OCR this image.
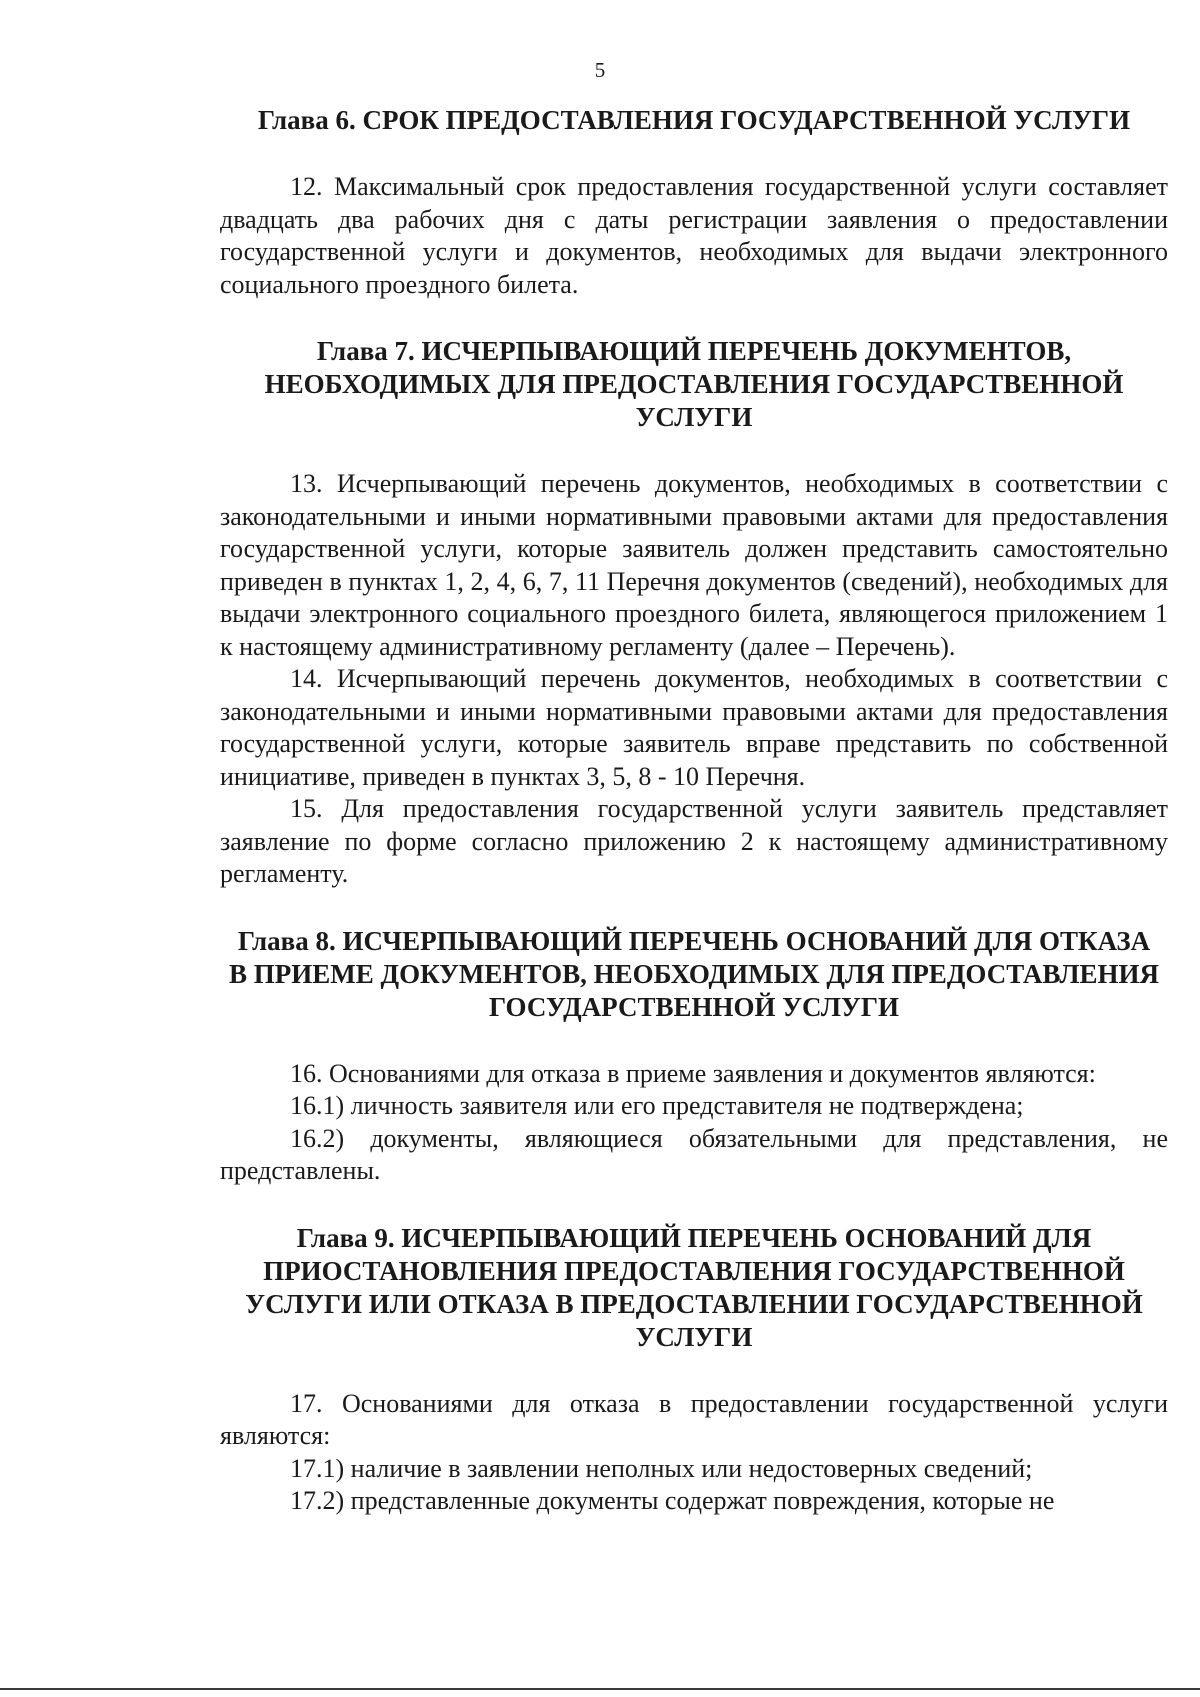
5
Глава 6. СРОК ПРЕДОСТАВЛЕНИЯ ГОСУДАРСТВЕННОЙ УСЛУГИ

12. Максимальный срок предоставления государственной услуги составляет двадцать два рабочих дня с даты регистрации заявления о предоставлении государственной услуги и документов, необходимых для выдачи электронного социального проездного билета.

Глава 7. ИСЧЕРПЫВАЮЩИЙ ПЕРЕЧЕНЬ ДОКУМЕНТОВ,
НЕОБХОДИМЫХ ДЛЯ ПРЕДОСТАВЛЕНИЯ ГОСУДАРСТВЕННОЙ
УСЛУГИ

13. Исчерпывающий перечень документов, необходимых в соответствии с законодательными и иными нормативными правовыми актами для предоставления государственной услуги, которые заявитель должен представить самостоятельно приведен в пунктах 1, 2, 4, 6, 7, 11 Перечня документов (сведений), необходимых для выдачи электронного социального проездного билета, являющегося приложением 1 к настоящему административному регламенту (далее – Перечень).

14. Исчерпывающий перечень документов, необходимых в соответствии с законодательными и иными нормативными правовыми актами для предоставления государственной услуги, которые заявитель вправе представить по собственной инициативе, приведен в пунктах 3, 5, 8 - 10 Перечня.

15. Для предоставления государственной услуги заявитель представляет заявление по форме согласно приложению 2 к настоящему административному регламенту.

Глава 8. ИСЧЕРПЫВАЮЩИЙ ПЕРЕЧЕНЬ ОСНОВАНИЙ ДЛЯ ОТКАЗА
В ПРИЕМЕ ДОКУМЕНТОВ, НЕОБХОДИМЫХ ДЛЯ ПРЕДОСТАВЛЕНИЯ
ГОСУДАРСТВЕННОЙ УСЛУГИ

16. Основаниями для отказа в приеме заявления и документов являются:

16.1) личность заявителя или его представителя не подтверждена;

16.2) документы, являющиеся обязательными для представления, не представлены.

Глава 9. ИСЧЕРПЫВАЮЩИЙ ПЕРЕЧЕНЬ ОСНОВАНИЙ ДЛЯ
ПРИОСТАНОВЛЕНИЯ ПРЕДОСТАВЛЕНИЯ ГОСУДАРСТВЕННОЙ
УСЛУГИ ИЛИ ОТКАЗА В ПРЕДОСТАВЛЕНИИ ГОСУДАРСТВЕННОЙ
УСЛУГИ

17. Основаниями для отказа в предоставлении государственной услуги являются:

17.1) наличие в заявлении неполных или недостоверных сведений;

17.2) представленные документы содержат повреждения, которые не
